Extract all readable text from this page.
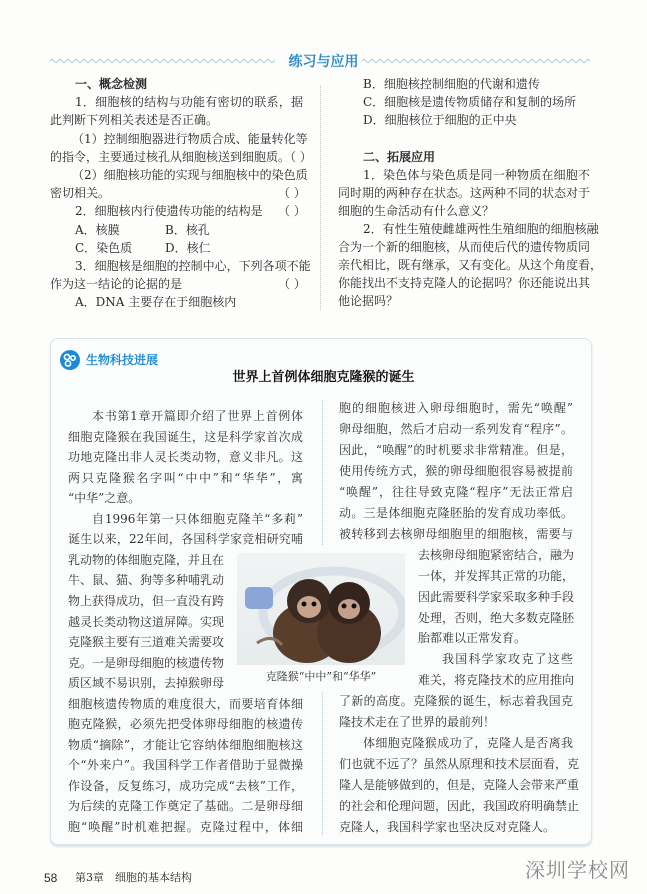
练习与应用
一、概念检测
1．细胞核的结构与功能有密切的联系，据
此判断下列相关表述是否正确。
（1）控制细胞器进行物质合成、能量转化等
的指令，主要通过核孔从细胞核送到细胞质。（ ）
（2）细胞核功能的实现与细胞核中的染色质
密切相关。	（ ）
2．细胞核内行使遗传功能的结构是	（ ）
A．核膜	B．核孔
C．染色质	D．核仁
3．细胞核是细胞的控制中心，下列各项不能
作为这一结论的论据的是	（ ）
A．DNA 主要存在于细胞核内
B．细胞核控制细胞的代谢和遗传
C．细胞核是遗传物质储存和复制的场所
D．细胞核位于细胞的正中央
二、拓展应用
1．染色体与染色质是同一种物质在细胞不
同时期的两种存在状态。这两种不同的状态对于
细胞的生命活动有什么意义？
2．有性生殖使雌雄两性生殖细胞的细胞核融
合为一个新的细胞核，从而使后代的遗传物质同
亲代相比，既有继承，又有变化。从这个角度看，
你能找出不支持克隆人的论据吗？你还能说出其
他论据吗？
生物科技进展
世界上首例体细胞克隆猴的诞生
克隆猴“中中”和“华华”
本书第1章开篇即介绍了世界上首例体
细胞克隆猴在我国诞生，这是科学家首次成
功地克隆出非人灵长类动物，意义非凡。这
两只克隆猴名字叫“中中”和“华华”，寓
“中华”之意。
自1996年第一只体细胞克隆羊“多莉”
诞生以来，22年间，各国科学家竞相研究哺
乳动物的体细胞克隆，并且在
牛、鼠、猫、狗等多种哺乳动
物上获得成功，但一直没有跨
越灵长类动物这道屏障。实现
克隆猴主要有三道难关需要攻
克。一是卵母细胞的核遗传物
质区域不易识别，去掉猴卵母
细胞核遗传物质的难度很大，而要培育体细
胞克隆猴，必须先把受体卵母细胞的核遗传
物质“摘除”，才能让它容纳体细胞细胞核这
个“外来户”。我国科学工作者借助于显微操
作设备，反复练习，成功完成“去核”工作，
为后续的克隆工作奠定了基础。二是卵母细
胞“唤醒”时机难把握。克隆过程中，体细
胞的细胞核进入卵母细胞时，需先“唤醒”
卵母细胞，然后才启动一系列发育“程序”。
因此，“唤醒”的时机要求非常精准。但是，
使用传统方式，猴的卵母细胞很容易被提前
“唤醒”，往往导致克隆“程序”无法正常启
动。三是体细胞克隆胚胎的发育成功率低。
被转移到去核卵母细胞里的细胞核，需要与
去核卵母细胞紧密结合，融为
一体，并发挥其正常的功能，
因此需要科学家采取多种手段
处理，否则，绝大多数克隆胚
胎都难以正常发育。
我国科学家攻克了这些
难关，将克隆技术的应用推向
了新的高度。克隆猴的诞生，标志着我国克
隆技术走在了世界的最前列！
体细胞克隆猴成功了，克隆人是否离我
们也就不远了？虽然从原理和技术层面看，克
隆人是能够做到的，但是，克隆人会带来严重
的社会和伦理问题，因此，我国政府明确禁止
克隆人，我国科学家也坚决反对克隆人。
58 第3章　细胞的基本结构	深圳学校网
